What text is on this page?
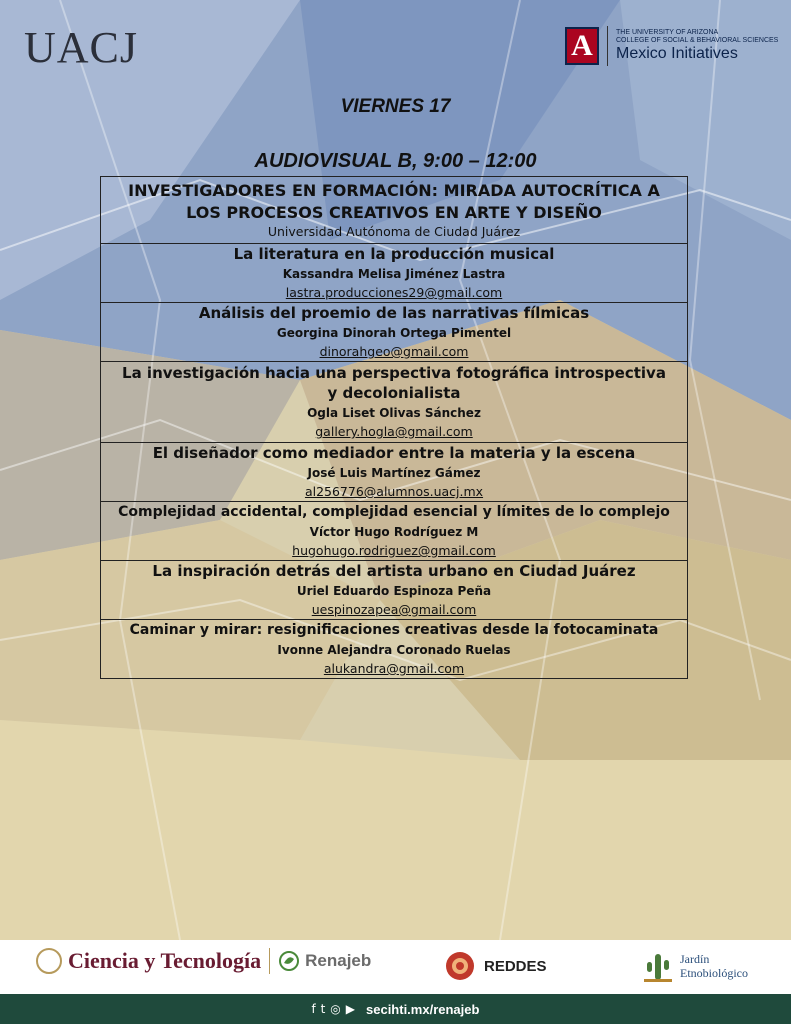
UACJ	A	THE UNIVERSITY OF ARIZONA
COLLEGE OF SOCIAL & BEHAVIORAL SCIENCES
Mexico Initiatives
VIERNES 17
AUDIOVISUAL B, 9:00 – 12:00
INVESTIGADORES EN FORMACIÓN: MIRADA AUTOCRÍTICA A
LOS PROCESOS CREATIVOS EN ARTE Y DISEÑO
Universidad Autónoma de Ciudad Juárez

La literatura en la producción musical
Kassandra Melisa Jiménez Lastra
lastra.producciones29@gmail.com

Análisis del proemio de las narrativas fílmicas
Georgina Dinorah Ortega Pimentel
dinorahgeo@gmail.com

La investigación hacia una perspectiva fotográfica introspectiva y decolonialista
Ogla Liset Olivas Sánchez
gallery.hogla@gmail.com

El diseñador como mediador entre la materia y la escena
José Luis Martínez Gámez
al256776@alumnos.uacj.mx

Complejidad accidental, complejidad esencial y límites de lo complejo
Víctor Hugo Rodríguez M
hugohugo.rodriguez@gmail.com

La inspiración detrás del artista urbano en Ciudad Juárez
Uriel Eduardo Espinoza Peña
uespinozapea@gmail.com

Caminar y mirar: resignificaciones creativas desde la fotocaminata
Ivonne Alejandra Coronado Ruelas
alukandra@gmail.com
Ciencia y Tecnología	Renajeb	REDDES	Jardín
Etnobiológico
ft◎▶ secihti.mx/renajeb
